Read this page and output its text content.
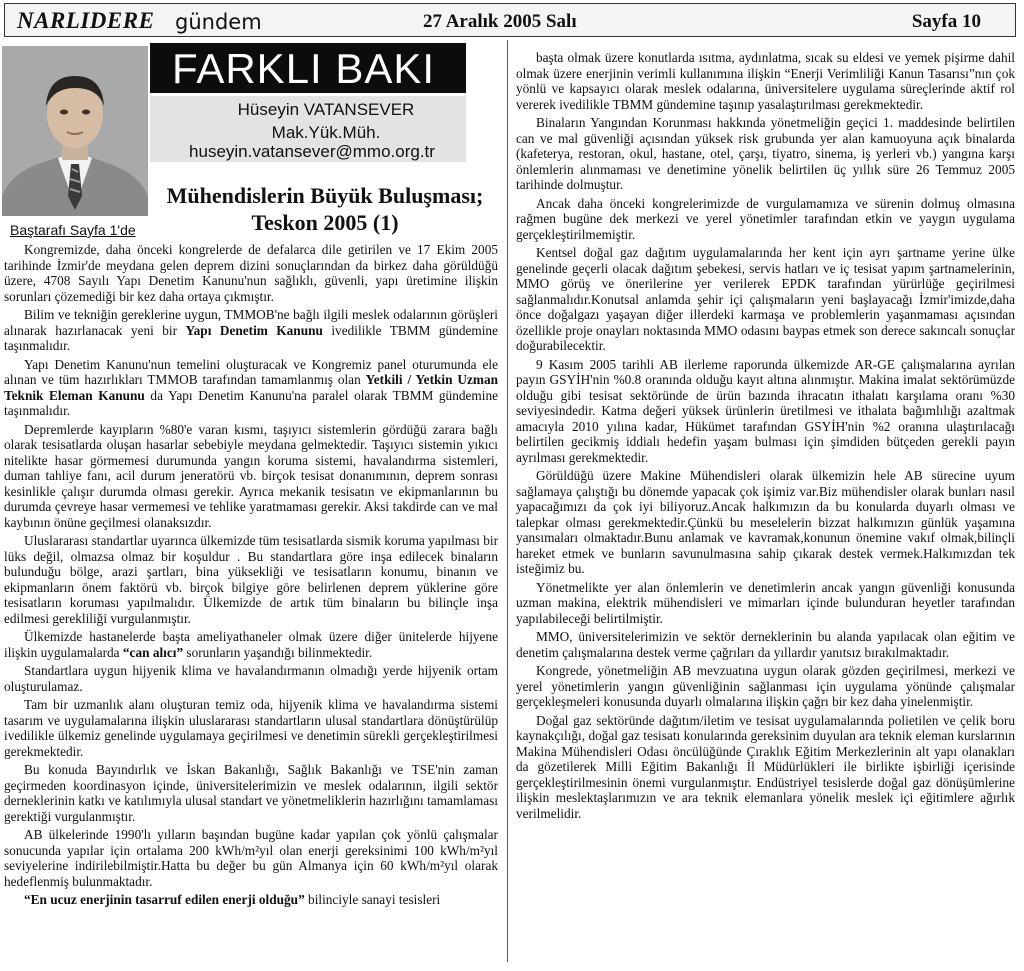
NARLIDERE gündem	27 Aralık 2005 Salı	Sayfa 10
FARKLI BAKI
Hüseyin VATANSEVER
Mak.Yük.Müh.
huseyin.vatansever@mmo.org.tr
Mühendislerin Büyük Buluşması;
Teskon 2005 (1)
Baştarafı Sayfa 1'de

Kongremizde, daha önceki kongrelerde de defalarca dile getirilen ve 17 Ekim 2005 tarihinde İzmir'de meydana gelen deprem dizini sonuçlarından da birkez daha görüldüğü üzere, 4708 Sayılı Yapı Denetim Kanunu'nun sağlıklı, güvenli, yapı üretimine ilişkin sorunları çözemediği bir kez daha ortaya çıkmıştır.

Bilim ve tekniğin gereklerine uygun, TMMOB'ne bağlı ilgili meslek odalarının görüşleri alınarak hazırlanacak yeni bir Yapı Denetim Kanunu ivedilikle TBMM gündemine taşınmalıdır.

Yapı Denetim Kanunu'nun temelini oluşturacak ve Kongremiz panel oturumunda ele alınan ve tüm hazırlıkları TMMOB tarafından tamamlanmış olan Yetkili / Yetkin Uzman Teknik Eleman Kanunu da Yapı Denetim Kanunu'na paralel olarak TBMM gündemine taşınmalıdır.

Depremlerde kayıpların %80'e varan kısmı, taşıyıcı sistemlerin gördüğü zarara bağlı olarak tesisatlarda oluşan hasarlar sebebiyle meydana gelmektedir. Taşıyıcı sistemin yıkıcı nitelikte hasar görmemesi durumunda yangın koruma sistemi, havalandırma sistemleri, duman tahliye fanı, acil durum jeneratörü vb. birçok tesisat donanımının, deprem sonrası kesinlikle çalışır durumda olması gerekir. Ayrıca mekanik tesisatın ve ekipmanlarının bu durumda çevreye hasar vermemesi ve tehlike yaratmaması gerekir. Aksi takdirde can ve mal kaybının önüne geçilmesi olanaksızdır.

Uluslararası standartlar uyarınca ülkemizde tüm tesisatlarda sismik koruma yapılması bir lüks değil, olmazsa olmaz bir koşuldur . Bu standartlara göre inşa edilecek binaların bulunduğu bölge, arazi şartları, bina yüksekliği ve tesisatların konumu, binanın ve ekipmanların önem faktörü vb. birçok bilgiye göre belirlenen deprem yüklerine göre tesisatların koruması yapılmalıdır. Ülkemizde de artık tüm binaların bu bilinçle inşa edilmesi gerekliliği vurgulanmıştır.

Ülkemizde hastanelerde başta ameliyathaneler olmak üzere diğer ünitelerde hijyene ilişkin uygulamalarda “can alıcı” sorunların yaşandığı bilinmektedir.

Standartlara uygun hijyenik klima ve havalandırmanın olmadığı yerde hijyenik ortam oluşturulamaz.

Tam bir uzmanlık alanı oluşturan temiz oda, hijyenik klima ve havalandırma sistemi tasarım ve uygulamalarına ilişkin uluslararası standartların ulusal standartlara dönüştürülüp ivedilikle ülkemiz genelinde uygulamaya geçirilmesi ve denetimin sürekli gerçekleştirilmesi gerekmektedir.

Bu konuda Bayındırlık ve İskan Bakanlığı, Sağlık Bakanlığı ve TSE'nin zaman geçirmeden koordinasyon içinde, üniversitelerimizin ve meslek odalarının, ilgili sektör derneklerinin katkı ve katılımıyla ulusal standart ve yönetmeliklerin hazırlığını tamamlaması gerektiği vurgulanmıştır.

AB ülkelerinde 1990'lı yılların başından bugüne kadar yapılan çok yönlü çalışmalar sonucunda yapılar için ortalama 200 kWh/m²yıl olan enerji gereksinimi 100 kWh/m²yıl seviyelerine indirilebilmiştir.Hatta bu değer bu gün Almanya için 60 kWh/m²yıl olarak hedeflenmiş bulunmaktadır.

“En ucuz enerjinin tasarruf edilen enerji olduğu” bilinciyle sanayi tesisleri

başta olmak üzere konutlarda ısıtma, aydınlatma, sıcak su eldesi ve yemek pişirme dahil olmak üzere enerjinin verimli kullanımına ilişkin “Enerji Verimliliği Kanun Tasarısı”nın çok yönlü ve kapsayıcı olarak meslek odalarına, üniversitelere uygulama süreçlerinde aktif rol vererek ivedilikle TBMM gündemine taşınıp yasalaştırılması gerekmektedir.

Binaların Yangından Korunması hakkında yönetmeliğin geçici 1. maddesinde belirtilen can ve mal güvenliği açısından yüksek risk grubunda yer alan kamuoyuna açık binalarda (kafeterya, restoran, okul, hastane, otel, çarşı, tiyatro, sinema, iş yerleri vb.) yangına karşı önlemlerin alınmaması ve denetimine yönelik belirtilen üç yıllık süre 26 Temmuz 2005 tarihinde dolmuştur.

Ancak daha önceki kongrelerimizde de vurgulamamıza ve sürenin dolmuş olmasına rağmen bugüne dek merkezi ve yerel yönetimler tarafından etkin ve yaygın uygulama gerçekleştirilmemiştir.

Kentsel doğal gaz dağıtım uygulamalarında her kent için ayrı şartname yerine ülke genelinde geçerli olacak dağıtım şebekesi, servis hatları ve iç tesisat yapım şartnamelerinin, MMO görüş ve önerilerine yer verilerek EPDK tarafından yürürlüğe geçirilmesi sağlanmalıdır.Konutsal anlamda şehir içi çalışmaların yeni başlayacağı İzmir'imizde,daha önce doğalgazı yaşayan diğer illerdeki karmaşa ve problemlerin yaşanmaması açısından özellikle proje onayları noktasında MMO odasını baypas etmek son derece sakıncalı sonuçlar doğurabilecektir.

9 Kasım 2005 tarihli AB ilerleme raporunda ülkemizde AR-GE çalışmalarına ayrılan payın GSYİH'nin %0.8 oranında olduğu kayıt altına alınmıştır. Makina imalat sektörümüzde olduğu gibi tesisat sektöründe de ürün bazında ihracatın ithalatı karşılama oranı %30 seviyesindedir. Katma değeri yüksek ürünlerin üretilmesi ve ithalata bağımlılığı azaltmak amacıyla 2010 yılına kadar, Hükümet tarafından GSYİH'nin %2 oranına ulaştırılacağı belirtilen gecikmiş iddialı hedefin yaşam bulması için şimdiden bütçeden gerekli payın ayrılması gerekmektedir.

Görüldüğü üzere Makine Mühendisleri olarak ülkemizin hele AB sürecine uyum sağlamaya çalıştığı bu dönemde yapacak çok işimiz var.Biz mühendisler olarak bunları nasıl yapacağımızı da çok iyi biliyoruz.Ancak halkımızın da bu konularda duyarlı olması ve talepkar olması gerekmektedir.Çünkü bu meselelerin bizzat halkımızın günlük yaşamına yansımaları olmaktadır.Bunu anlamak ve kavramak,konunun önemine vakıf olmak,bilinçli hareket etmek ve bunların savunulmasına sahip çıkarak destek vermek.Halkımızdan tek isteğimiz bu.

Yönetmelikte yer alan önlemlerin ve denetimlerin ancak yangın güvenliği konusunda uzman makina, elektrik mühendisleri ve mimarları içinde bulunduran heyetler tarafından yapılabileceği belirtilmiştir.

MMO, üniversitelerimizin ve sektör derneklerinin bu alanda yapılacak olan eğitim ve denetim çalışmalarına destek verme çağrıları da yıllardır yanıtsız bırakılmaktadır.

Kongrede, yönetmeliğin AB mevzuatına uygun olarak gözden geçirilmesi, merkezi ve yerel yönetimlerin yangın güvenliğinin sağlanması için uygulama yönünde çalışmalar gerçekleşmeleri konusunda duyarlı olmalarına ilişkin çağrı bir kez daha yinelenmiştir.

Doğal gaz sektöründe dağıtım/iletim ve tesisat uygulamalarında polietilen ve çelik boru kaynakçılığı, doğal gaz tesisatı konularında gereksinim duyulan ara teknik eleman kurslarının Makina Mühendisleri Odası öncülüğünde Çıraklık Eğitim Merkezlerinin alt yapı olanakları da gözetilerek Milli Eğitim Bakanlığı İl Müdürlükleri ile birlikte işbirliği içerisinde gerçekleştirilmesinin önemi vurgulanmıştır. Endüstriyel tesislerde doğal gaz dönüşümlerine ilişkin meslektaşlarımızın ve ara teknik elemanlara yönelik meslek içi eğitimlere ağırlık verilmelidir.
